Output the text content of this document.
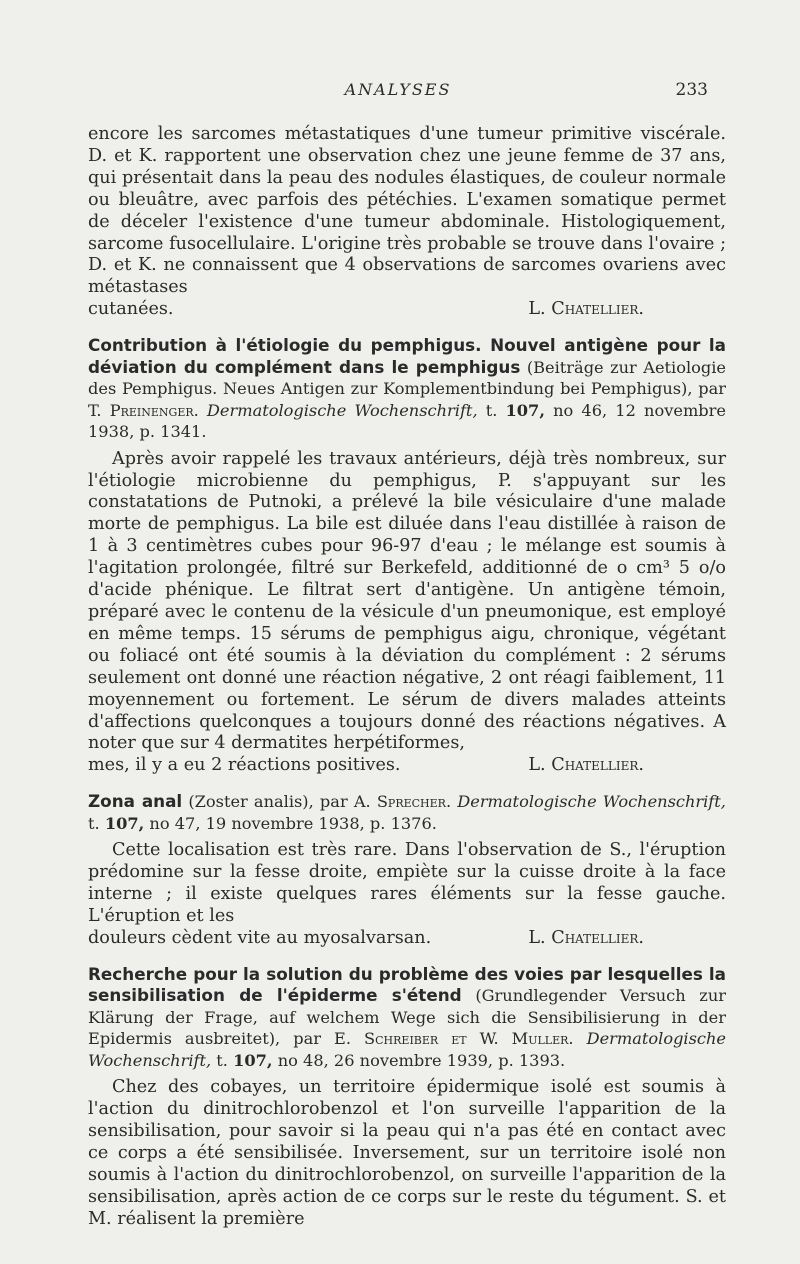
ANALYSES	233

encore les sarcomes métastatiques d'une tumeur primitive viscérale. D. et K. rapportent une observation chez une jeune femme de 37 ans, qui présentait dans la peau des nodules élastiques, de couleur normale ou bleuâtre, avec parfois des pétéchies. L'examen somatique permet de déceler l'existence d'une tumeur abdominale. Histologiquement, sarcome fusocellulaire. L'origine très probable se trouve dans l'ovaire ; D. et K. ne connaissent que 4 observations de sarcomes ovariens avec métastases

cutanées.	L. Chatellier.

Contribution à l'étiologie du pemphigus. Nouvel antigène pour la déviation du complément dans le pemphigus (Beiträge zur Aetiologie des Pemphigus. Neues Antigen zur Komplementbindung bei Pemphigus), par T. Preinenger. Dermatologische Wochenschrift, t. 107, no 46, 12 novembre 1938, p. 1341.

Après avoir rappelé les travaux antérieurs, déjà très nombreux, sur l'étiologie microbienne du pemphigus, P. s'appuyant sur les constatations de Putnoki, a prélevé la bile vésiculaire d'une malade morte de pemphigus. La bile est diluée dans l'eau distillée à raison de 1 à 3 centimètres cubes pour 96-97 d'eau ; le mélange est soumis à l'agitation prolongée, filtré sur Berkefeld, additionné de o cm³ 5 o/o d'acide phénique. Le filtrat sert d'antigène. Un antigène témoin, préparé avec le contenu de la vésicule d'un pneumonique, est employé en même temps. 15 sérums de pemphigus aigu, chronique, végétant ou foliacé ont été soumis à la déviation du complément : 2 sérums seulement ont donné une réaction négative, 2 ont réagi faiblement, 11 moyennement ou fortement. Le sérum de divers malades atteints d'affections quelconques a toujours donné des réactions négatives. A noter que sur 4 dermatites herpétiformes,

mes, il y a eu 2 réactions positives.	L. Chatellier.

Zona anal (Zoster analis), par A. Sprecher. Dermatologische Wochenschrift, t. 107, no 47, 19 novembre 1938, p. 1376.

Cette localisation est très rare. Dans l'observation de S., l'éruption prédomine sur la fesse droite, empiète sur la cuisse droite à la face interne ; il existe quelques rares éléments sur la fesse gauche. L'éruption et les

douleurs cèdent vite au myosalvarsan.	L. Chatellier.

Recherche pour la solution du problème des voies par lesquelles la sensibilisation de l'épiderme s'étend (Grundlegender Versuch zur Klärung der Frage, auf welchem Wege sich die Sensibilisierung in der Epidermis ausbreitet), par E. Schreiber et W. Muller. Dermatologische Wochenschrift, t. 107, no 48, 26 novembre 1939, p. 1393.

Chez des cobayes, un territoire épidermique isolé est soumis à l'action du dinitrochlorobenzol et l'on surveille l'apparition de la sensibilisation, pour savoir si la peau qui n'a pas été en contact avec ce corps a été sensibilisée. Inversement, sur un territoire isolé non soumis à l'action du dinitrochlorobenzol, on surveille l'apparition de la sensibilisation, après action de ce corps sur le reste du tégument. S. et M. réalisent la première
